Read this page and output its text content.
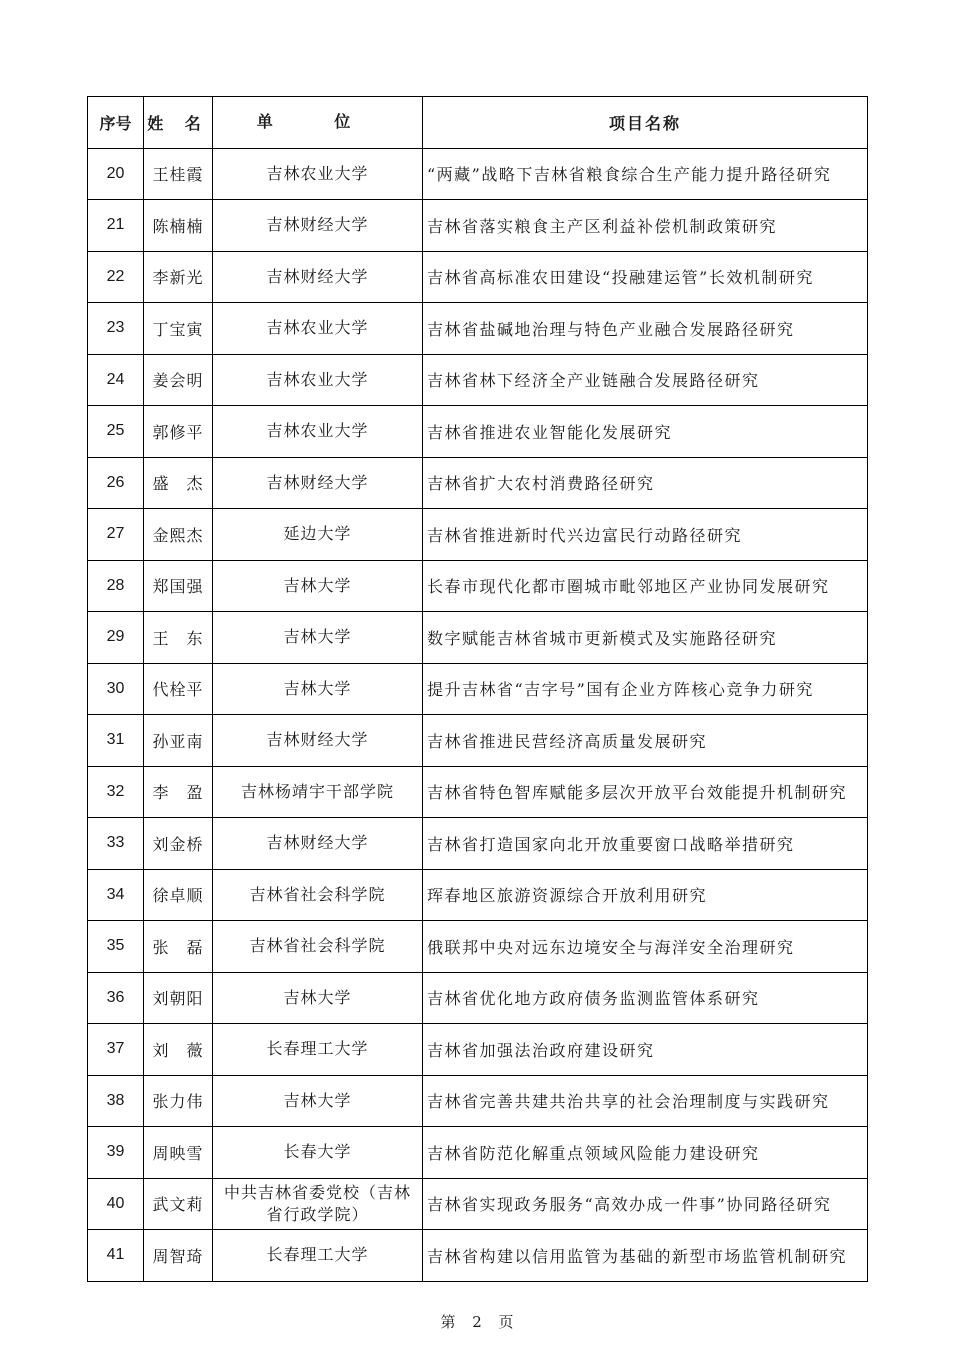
序号	姓 名	单 位	项目名称
20	王桂霞	吉林农业大学	“两藏”战略下吉林省粮食综合生产能力提升路径研究
21	陈楠楠	吉林财经大学	吉林省落实粮食主产区利益补偿机制政策研究
22	李新光	吉林财经大学	吉林省高标准农田建设“投融建运管”长效机制研究
23	丁宝寅	吉林农业大学	吉林省盐碱地治理与特色产业融合发展路径研究
24	姜会明	吉林农业大学	吉林省林下经济全产业链融合发展路径研究
25	郭修平	吉林农业大学	吉林省推进农业智能化发展研究
26	盛　杰	吉林财经大学	吉林省扩大农村消费路径研究
27	金熙杰	延边大学	吉林省推进新时代兴边富民行动路径研究
28	郑国强	吉林大学	长春市现代化都市圈城市毗邻地区产业协同发展研究
29	王　东	吉林大学	数字赋能吉林省城市更新模式及实施路径研究
30	代栓平	吉林大学	提升吉林省“吉字号”国有企业方阵核心竞争力研究
31	孙亚南	吉林财经大学	吉林省推进民营经济高质量发展研究
32	李　盈	吉林杨靖宇干部学院	吉林省特色智库赋能多层次开放平台效能提升机制研究
33	刘金桥	吉林财经大学	吉林省打造国家向北开放重要窗口战略举措研究
34	徐卓顺	吉林省社会科学院	珲春地区旅游资源综合开放利用研究
35	张　磊	吉林省社会科学院	俄联邦中央对远东边境安全与海洋安全治理研究
36	刘朝阳	吉林大学	吉林省优化地方政府债务监测监管体系研究
37	刘　薇	长春理工大学	吉林省加强法治政府建设研究
38	张力伟	吉林大学	吉林省完善共建共治共享的社会治理制度与实践研究
39	周映雪	长春大学	吉林省防范化解重点领域风险能力建设研究
40	武文莉	中共吉林省委党校（吉林省行政学院）	吉林省实现政务服务“高效办成一件事”协同路径研究
41	周智琦	长春理工大学	吉林省构建以信用监管为基础的新型市场监管机制研究
第 2 页
